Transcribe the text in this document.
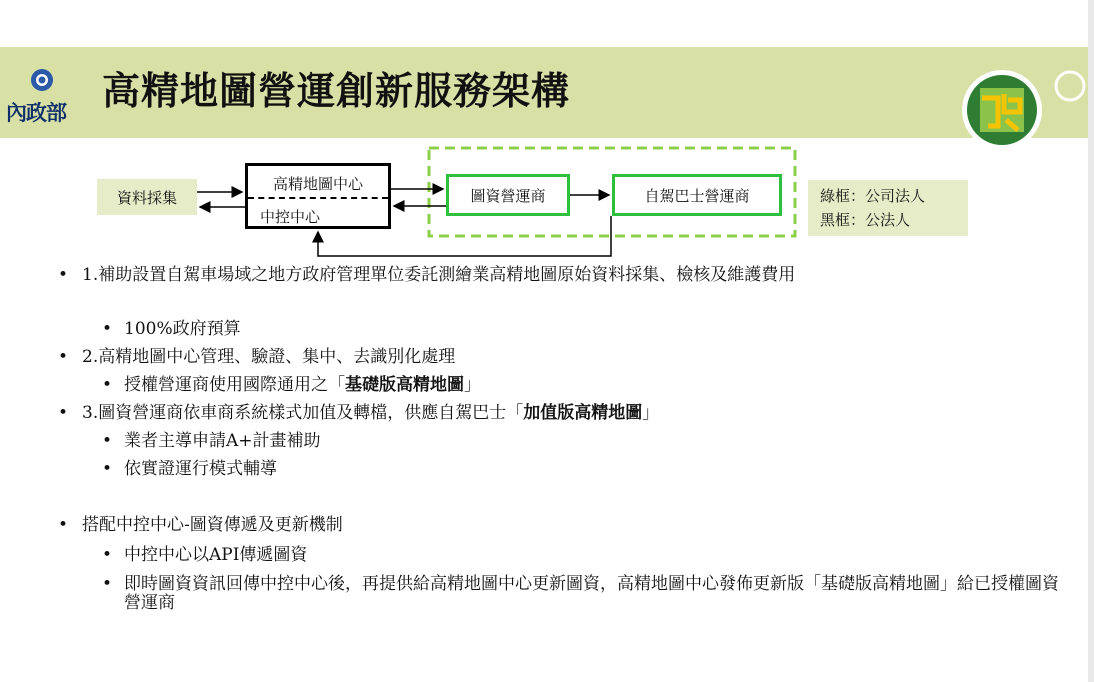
內政部 高精地圖營運創新服務架構
資料採集
高精地圖中心
中控中心
圖資營運商	自駕巴士營運商	綠框：公司法人
黑框：公法人
• 1.補助設置自駕車場域之地方政府管理單位委託測繪業高精地圖原始資料採集、檢核及維護費用
• 100%政府預算
• 2.高精地圖中心管理、驗證、集中、去識別化處理
• 授權營運商使用國際通用之「基礎版高精地圖」
• 3.圖資營運商依車商系統樣式加值及轉檔，供應自駕巴士「加值版高精地圖」
• 業者主導申請A+計畫補助
• 依實證運行模式輔導
• 搭配中控中心-圖資傳遞及更新機制
• 中控中心以API傳遞圖資
• 即時圖資資訊回傳中控中心後，再提供給高精地圖中心更新圖資，高精地圖中心發佈更新版「基礎版高精地圖」給已授權圖資營運商
